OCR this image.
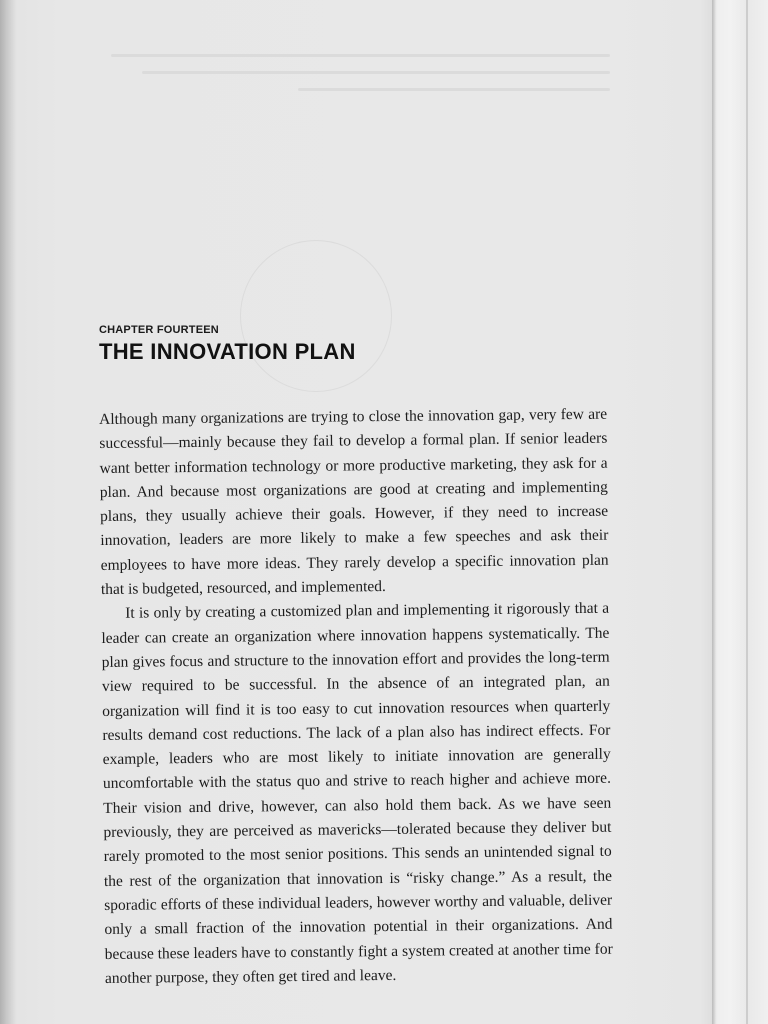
CHAPTER FOURTEEN

THE INNOVATION PLAN

Although many organizations are trying to close the innovation gap, very few are successful—mainly because they fail to develop a formal plan. If senior leaders want better information technology or more productive marketing, they ask for a plan. And because most organizations are good at creating and implementing plans, they usually achieve their goals. However, if they need to increase innovation, leaders are more likely to make a few speeches and ask their employees to have more ideas. They rarely develop a specific innovation plan that is budgeted, resourced, and implemented.

It is only by creating a customized plan and implementing it rigorously that a leader can create an organization where innovation happens systematically. The plan gives focus and structure to the innovation effort and provides the long-term view required to be successful. In the absence of an integrated plan, an organization will find it is too easy to cut innovation resources when quarterly results demand cost reductions. The lack of a plan also has indirect effects. For example, leaders who are most likely to initiate innovation are generally uncomfortable with the status quo and strive to reach higher and achieve more. Their vision and drive, however, can also hold them back. As we have seen previously, they are perceived as mavericks—tolerated because they deliver but rarely promoted to the most senior positions. This sends an unintended signal to the rest of the organization that innovation is “risky change.” As a result, the sporadic efforts of these individual leaders, however worthy and valuable, deliver only a small fraction of the innovation potential in their organizations. And because these leaders have to constantly fight a system created at another time for another purpose, they often get tired and leave.
